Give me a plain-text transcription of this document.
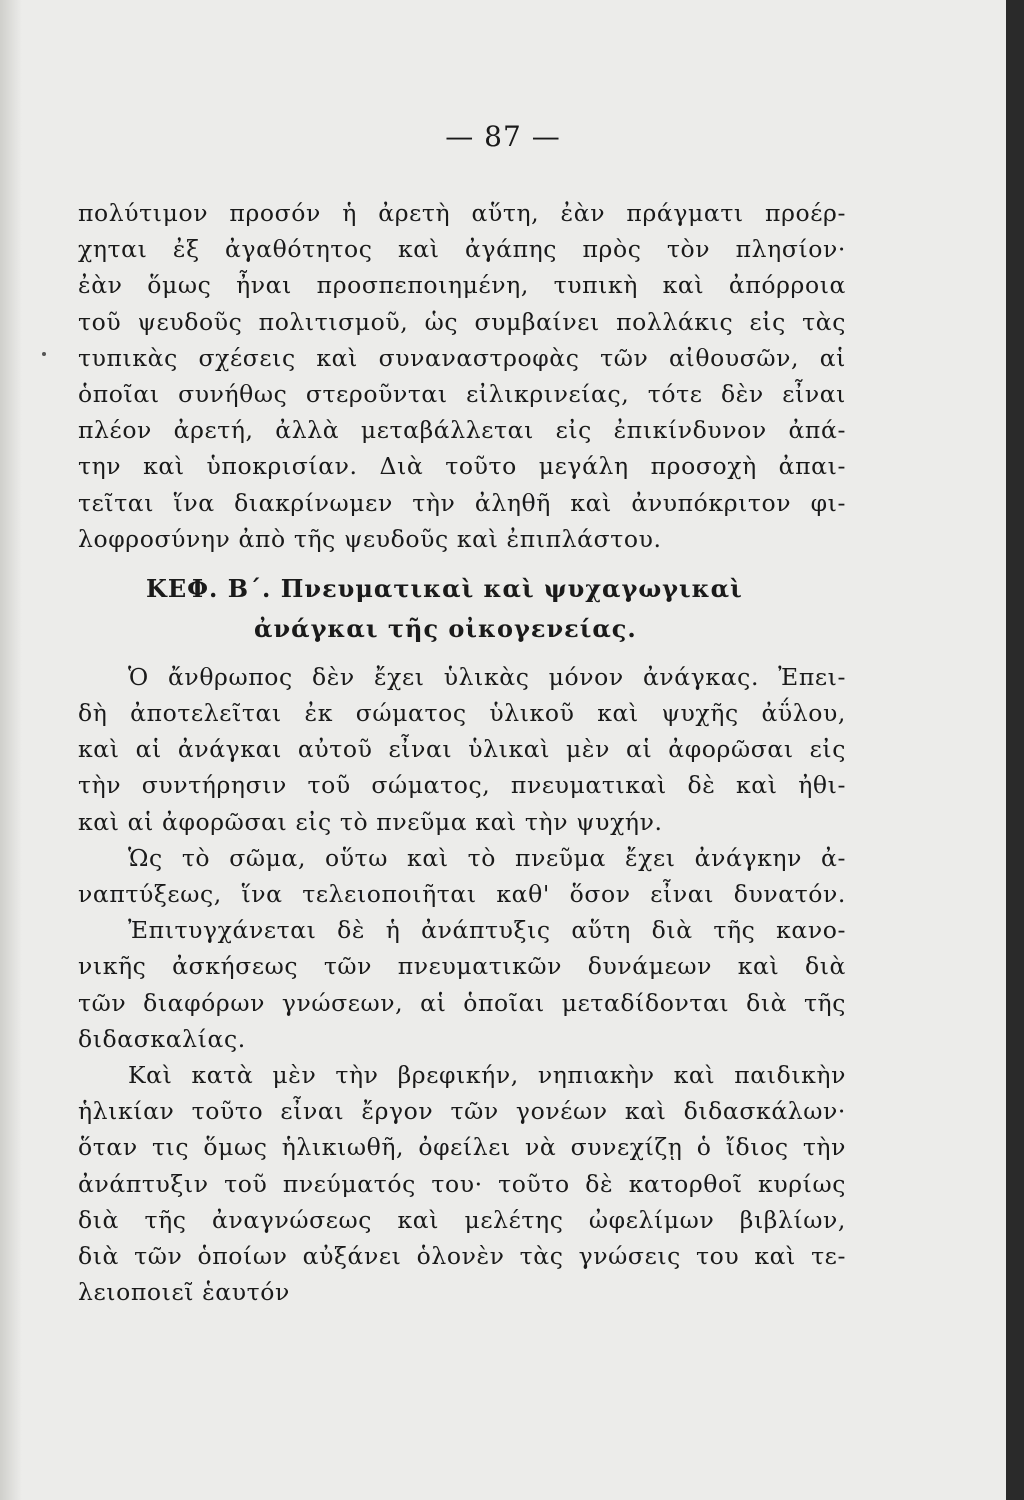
— 87 —
πολύτιμον προσόν ἡ ἀρετὴ αὕτη, ἐὰν πράγματι προέρ-
χηται ἐξ ἀγαθότητος καὶ ἀγάπης πρὸς τὸν πλησίον·
ἐὰν ὅμως ἦναι προσπεποιημένη, τυπικὴ καὶ ἀπόρροια
τοῦ ψευδοῦς πολιτισμοῦ, ὡς συμβαίνει πολλάκις εἰς τὰς
τυπικὰς σχέσεις καὶ συναναστροφὰς τῶν αἰθουσῶν, αἱ
ὁποῖαι συνήθως στεροῦνται εἰλικρινείας, τότε δὲν εἶναι
πλέον ἀρετή, ἀλλὰ μεταβάλλεται εἰς ἐπικίνδυνον ἀπά-
την καὶ ὑποκρισίαν. Διὰ τοῦτο μεγάλη προσοχὴ ἀπαι-
τεῖται ἵνα διακρίνωμεν τὴν ἀληθῆ καὶ ἀνυπόκριτον φι-
λοφροσύνην ἀπὸ τῆς ψευδοῦς καὶ ἐπιπλάστου.
ΚΕΦ. Β΄. Πνευματικαὶ καὶ ψυχαγωγικαὶ
ἀνάγκαι τῆς οἰκογενείας.
Ὁ ἄνθρωπος δὲν ἔχει ὑλικὰς μόνον ἀνάγκας. Ἐπει-
δὴ ἀποτελεῖται ἐκ σώματος ὑλικοῦ καὶ ψυχῆς ἀΰλου,
καὶ αἱ ἀνάγκαι αὐτοῦ εἶναι ὑλικαὶ μὲν αἱ ἀφορῶσαι εἰς
τὴν συντήρησιν τοῦ σώματος, πνευματικαὶ δὲ καὶ ἠθι-
καὶ αἱ ἀφορῶσαι εἰς τὸ πνεῦμα καὶ τὴν ψυχήν.
Ὡς τὸ σῶμα, οὕτω καὶ τὸ πνεῦμα ἔχει ἀνάγκην ἀ-
ναπτύξεως, ἵνα τελειοποιῆται καθ' ὅσον εἶναι δυνατόν.
Ἐπιτυγχάνεται δὲ ἡ ἀνάπτυξις αὕτη διὰ τῆς κανο-
νικῆς ἀσκήσεως τῶν πνευματικῶν δυνάμεων καὶ διὰ
τῶν διαφόρων γνώσεων, αἱ ὁποῖαι μεταδίδονται διὰ τῆς
διδασκαλίας.
Καὶ κατὰ μὲν τὴν βρεφικήν, νηπιακὴν καὶ παιδικὴν
ἡλικίαν τοῦτο εἶναι ἔργον τῶν γονέων καὶ διδασκάλων·
ὅταν τις ὅμως ἡλικιωθῆ, ὀφείλει νὰ συνεχίζῃ ὁ ἴδιος τὴν
ἀνάπτυξιν τοῦ πνεύματός του· τοῦτο δὲ κατορθοῖ κυρίως
διὰ τῆς ἀναγνώσεως καὶ μελέτης ὠφελίμων βιβλίων,
διὰ τῶν ὁποίων αὐξάνει ὁλονὲν τὰς γνώσεις του καὶ τε-
λειοποιεῖ ἑαυτόν
